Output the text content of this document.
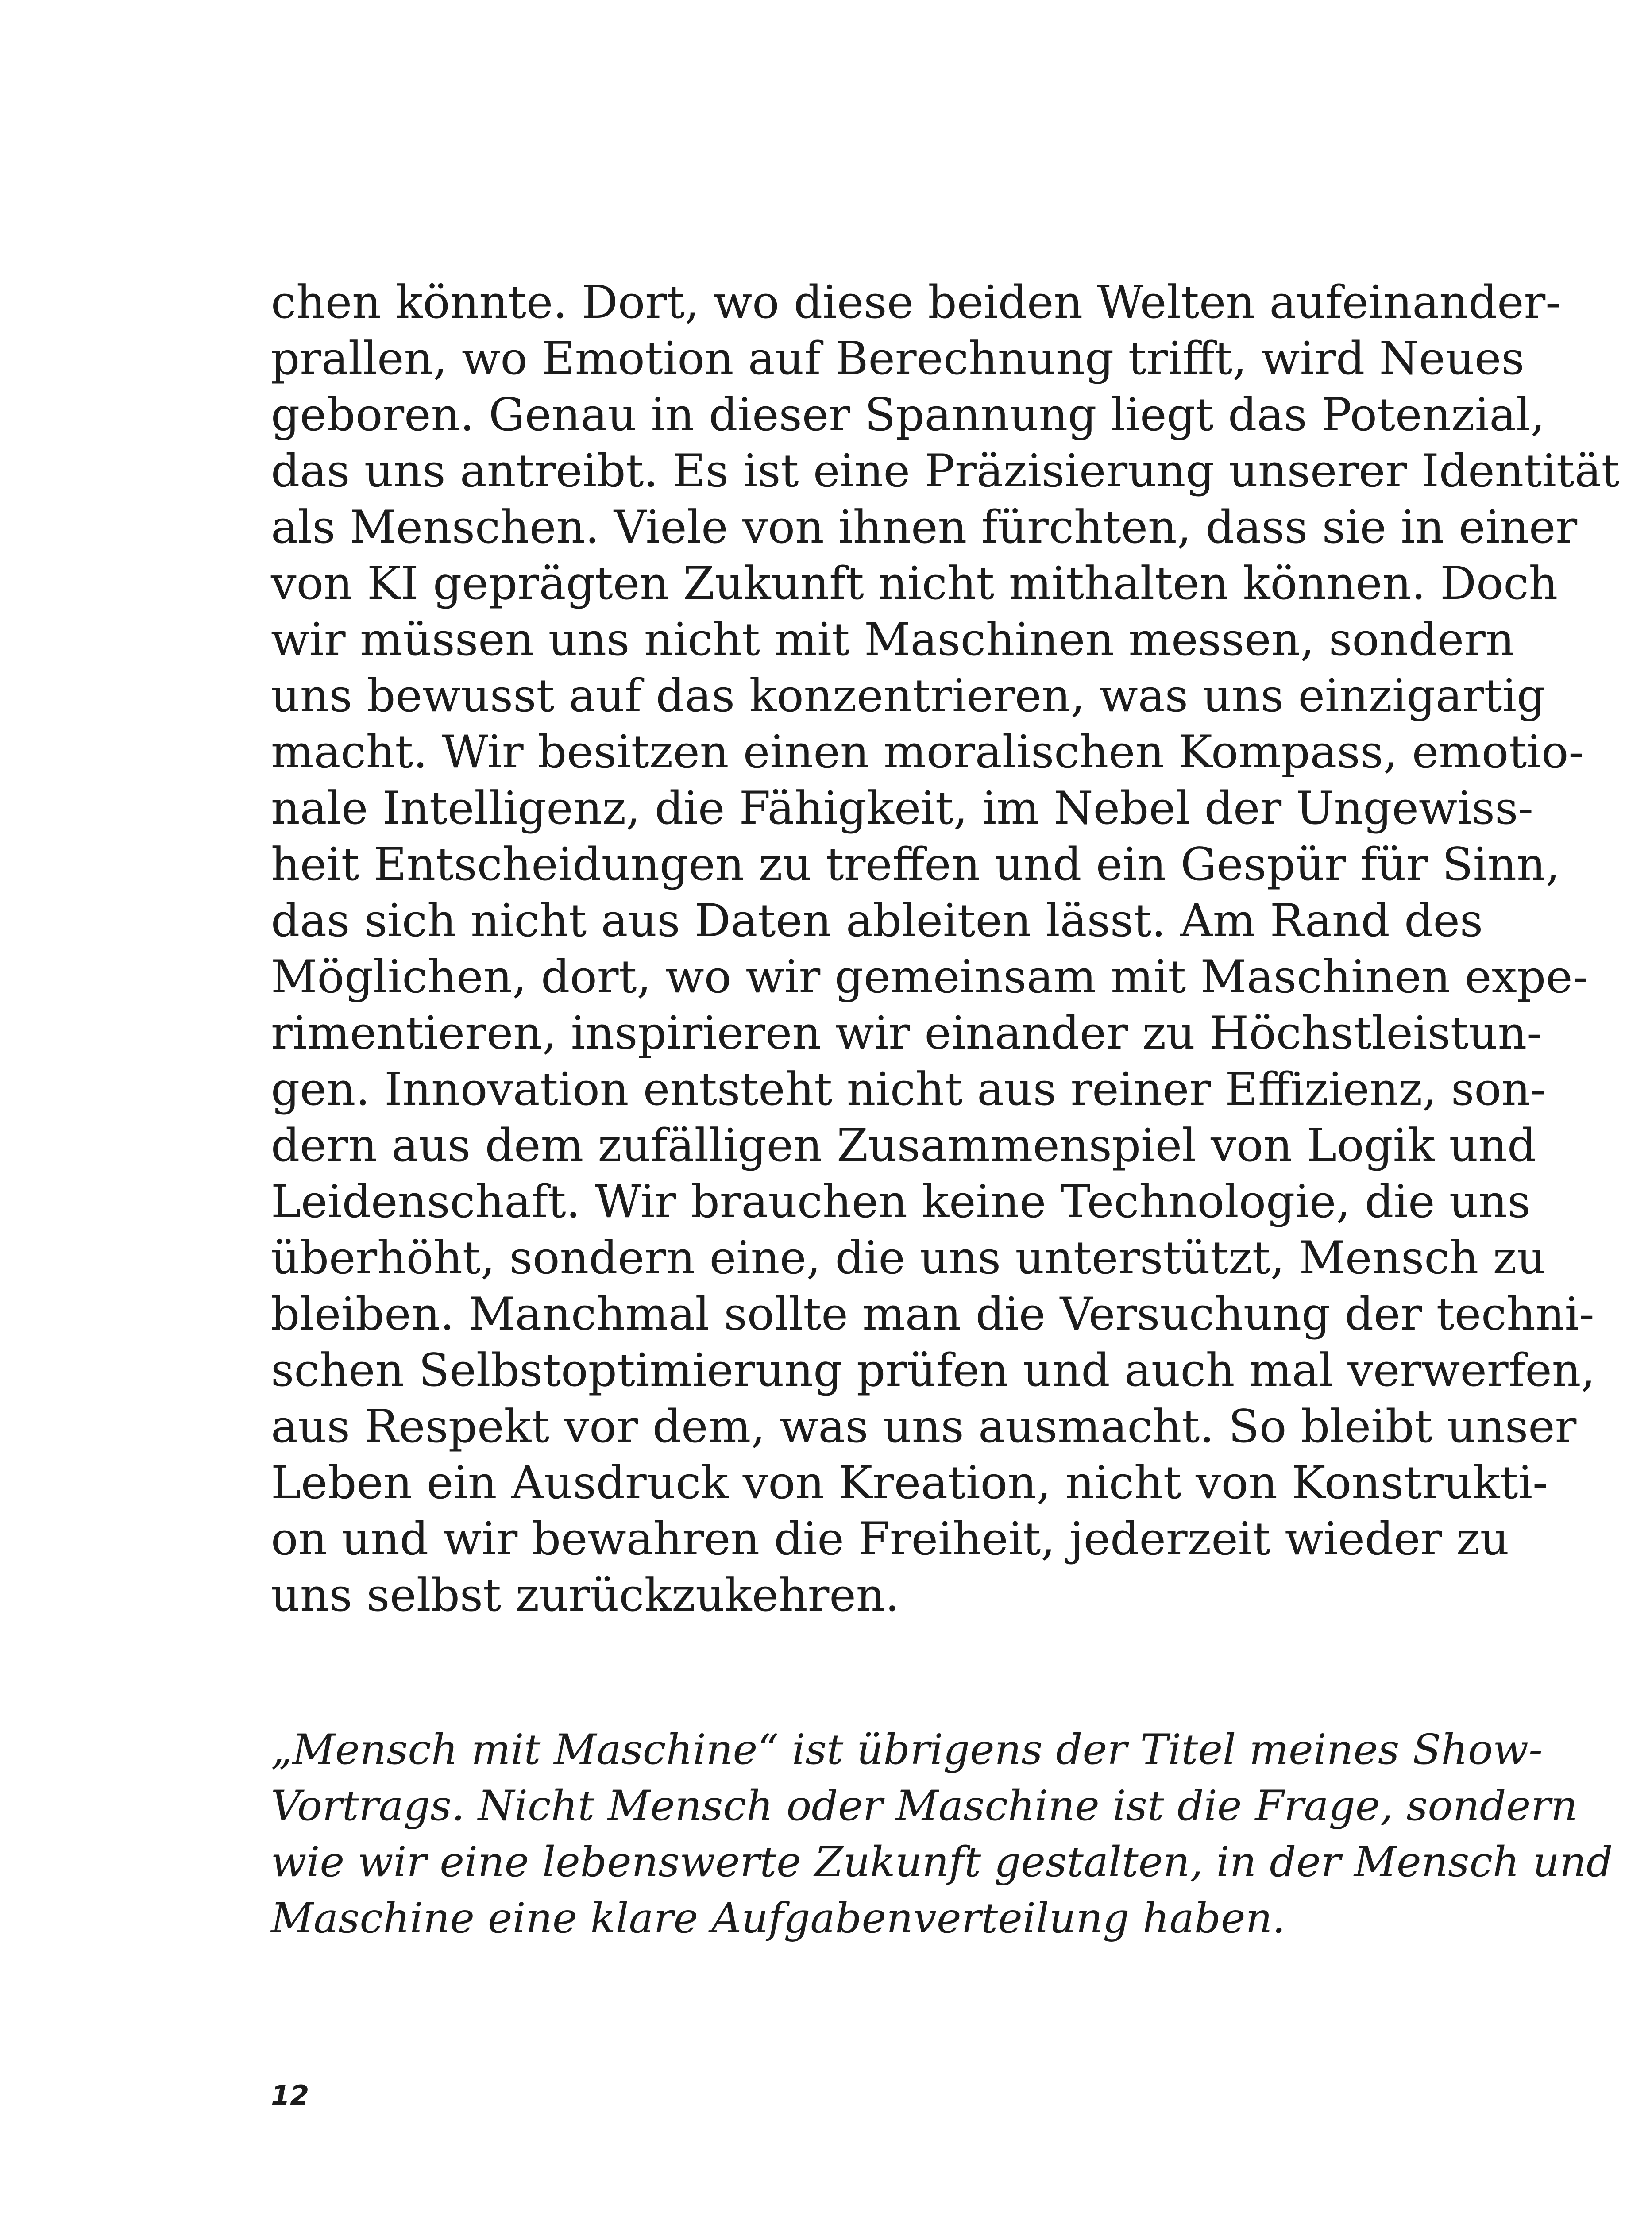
chen könnte. Dort, wo diese beiden Welten aufeinander-
prallen, wo Emotion auf Berechnung trifft, wird Neues
geboren. Genau in dieser Spannung liegt das Potenzial,
das uns antreibt. Es ist eine Präzisierung unserer Identität
als Menschen. Viele von ihnen fürchten, dass sie in einer
von KI geprägten Zukunft nicht mithalten können. Doch
wir müssen uns nicht mit Maschinen messen, sondern
uns bewusst auf das konzentrieren, was uns einzigartig
macht. Wir besitzen einen moralischen Kompass, emotio-
nale Intelligenz, die Fähigkeit, im Nebel der Ungewiss-
heit Entscheidungen zu treffen und ein Gespür für Sinn,
das sich nicht aus Daten ableiten lässt. Am Rand des
Möglichen, dort, wo wir gemeinsam mit Maschinen expe-
rimentieren, inspirieren wir einander zu Höchstleistun-
gen. Innovation entsteht nicht aus reiner Effizienz, son-
dern aus dem zufälligen Zusammenspiel von Logik und
Leidenschaft. Wir brauchen keine Technologie, die uns
überhöht, sondern eine, die uns unterstützt, Mensch zu
bleiben. Manchmal sollte man die Versuchung der techni-
schen Selbstoptimierung prüfen und auch mal verwerfen,
aus Respekt vor dem, was uns ausmacht. So bleibt unser
Leben ein Ausdruck von Kreation, nicht von Konstrukti-
on und wir bewahren die Freiheit, jederzeit wieder zu
uns selbst zurückzukehren.
„Mensch mit Maschine“ ist übrigens der Titel meines Show-
Vortrags. Nicht Mensch oder Maschine ist die Frage, sondern
wie wir eine lebenswerte Zukunft gestalten, in der Mensch und
Maschine eine klare Aufgabenverteilung haben.
12
